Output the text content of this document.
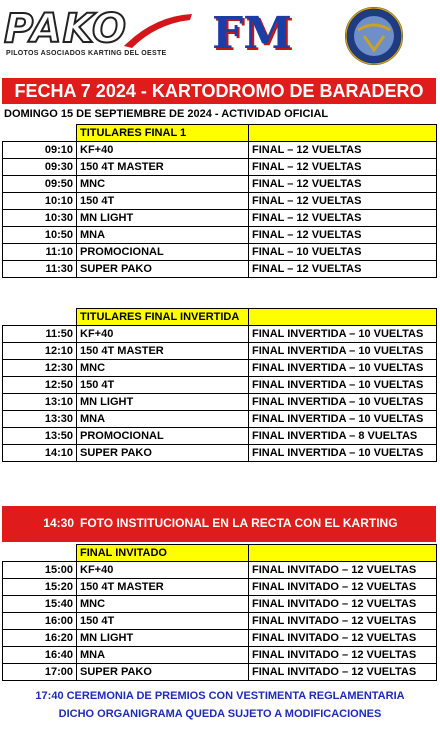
PAKO
PILOTOS ASOCIADOS KARTING DEL OESTE FM
FECHA 7 2024 - KARTODROMO DE BARADERO
DOMINGO 15 DE SEPTIEMBRE DE 2024 - ACTIVIDAD OFICIAL
	TITULARES FINAL 1	
09:10	KF+40	FINAL – 12 VUELTAS
09:30	150 4T MASTER	FINAL – 12 VUELTAS
09:50	MNC	FINAL – 12 VUELTAS
10:10	150 4T	FINAL – 12 VUELTAS
10:30	MN LIGHT	FINAL – 12 VUELTAS
10:50	MNA	FINAL – 12 VUELTAS
11:10	PROMOCIONAL	FINAL – 10 VUELTAS
11:30	SUPER PAKO	FINAL – 12 VUELTAS
	TITULARES FINAL INVERTIDA	
11:50	KF+40	FINAL INVERTIDA – 10 VUELTAS
12:10	150 4T MASTER	FINAL INVERTIDA – 10 VUELTAS
12:30	MNC	FINAL INVERTIDA – 10 VUELTAS
12:50	150 4T	FINAL INVERTIDA – 10 VUELTAS
13:10	MN LIGHT	FINAL INVERTIDA – 10 VUELTAS
13:30	MNA	FINAL INVERTIDA – 10 VUELTAS
13:50	PROMOCIONAL	FINAL INVERTIDA – 8 VUELTAS
14:10	SUPER PAKO	FINAL INVERTIDA – 10 VUELTAS
14:30 FOTO INSTITUCIONAL EN LA RECTA CON EL KARTING
	FINAL INVITADO	
15:00	KF+40	FINAL INVITADO – 12 VUELTAS
15:20	150 4T MASTER	FINAL INVITADO – 12 VUELTAS
15:40	MNC	FINAL INVITADO – 12 VUELTAS
16:00	150 4T	FINAL INVITADO – 12 VUELTAS
16:20	MN LIGHT	FINAL INVITADO – 12 VUELTAS
16:40	MNA	FINAL INVITADO – 12 VUELTAS
17:00	SUPER PAKO	FINAL INVITADO – 12 VUELTAS
17:40 CEREMONIA DE PREMIOS CON VESTIMENTA REGLAMENTARIA
DICHO ORGANIGRAMA QUEDA SUJETO A MODIFICACIONES
